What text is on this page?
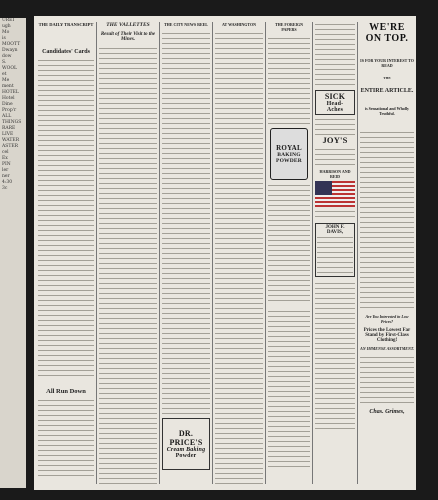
UREI
ugh
Mo
is
MOOTT
Dwayn
dow
S.
WOOL
et
Me
ment
HOTEL
Hotel
Dine
Prop'r
ALL
THINGS
RARE
LIVE
WATER
ASTER
cel
Ex
PIN
ler
ner
4:30
3c
THE DAILY TRANSCRIPT
Candidates' Cards
All Run Down
THE VALLETTES
Result of Their Visit to the Mines.
THE CITY NEWS REEL
DR. PRICE'S
Cream Baking
Powder
AT WASHINGTON	THE FOREIGN PAPERS
ROYAL
BAKING
POWDER
SICK
Head-
Aches
JOY'S
HARRISON AND REID
JOHN F. DAVIS,
WE'RE ON TOP.
IS FOR YOUR INTEREST TO READ
THE
ENTIRE ARTICLE.
is Sensational and Wholly Truthful.
Are You Interested in Low Prices?
Prices the Lowest Far Stand by First-Class Clothing!
AN IMMENSE ASSORTMENT.
Chas. Grimes,
